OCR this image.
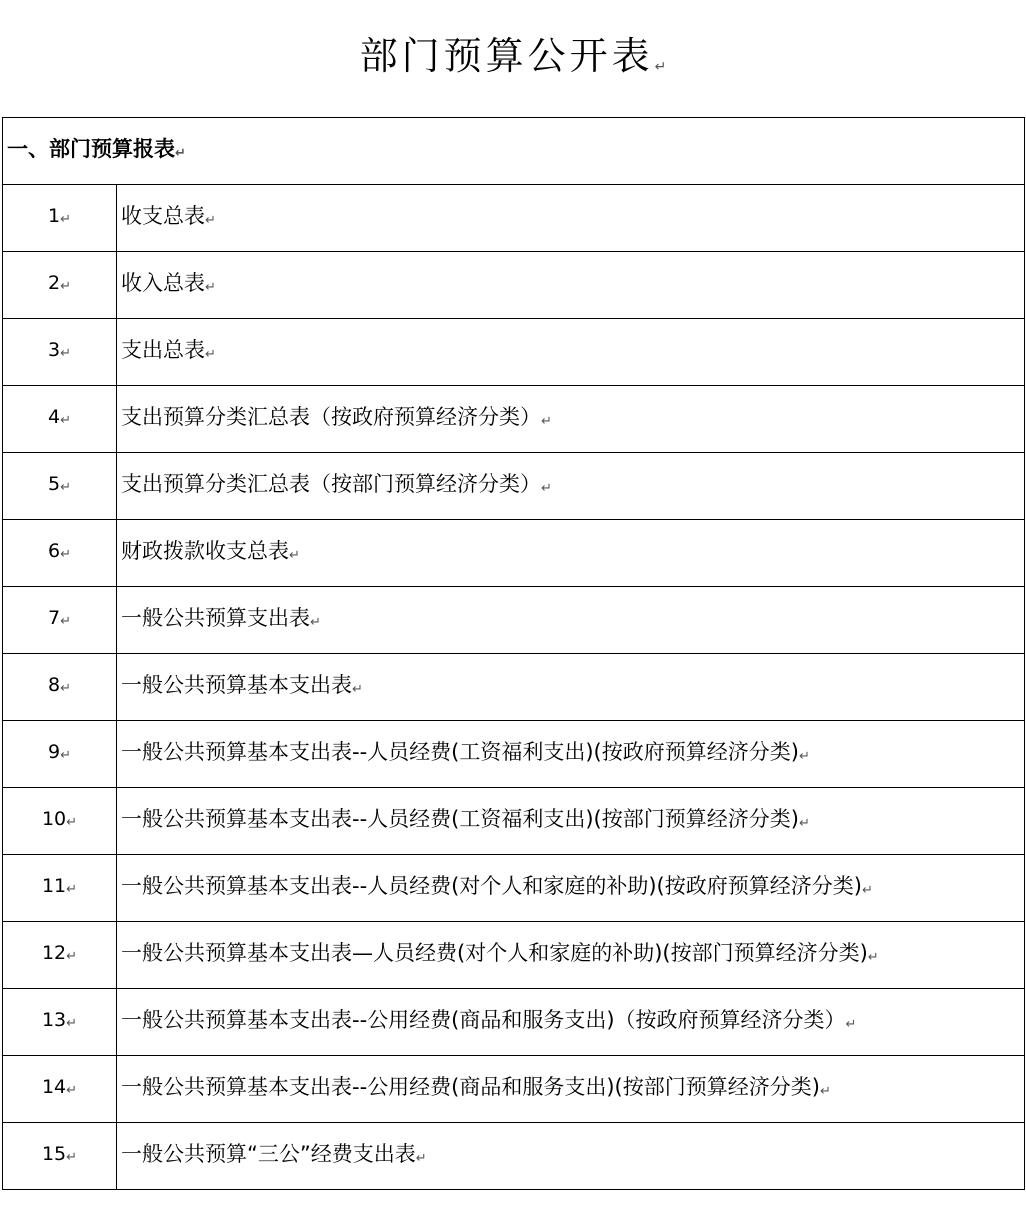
部门预算公开表↵
一、部门预算报表↵	
1↵	收支总表↵
2↵	收入总表↵
3↵	支出总表↵
4↵	支出预算分类汇总表（按政府预算经济分类）↵
5↵	支出预算分类汇总表（按部门预算经济分类）↵
6↵	财政拨款收支总表↵
7↵	一般公共预算支出表↵
8↵	一般公共预算基本支出表↵
9↵	一般公共预算基本支出表--人员经费(工资福利支出)(按政府预算经济分类)↵
10↵	一般公共预算基本支出表--人员经费(工资福利支出)(按部门预算经济分类)↵
11↵	一般公共预算基本支出表--人员经费(对个人和家庭的补助)(按政府预算经济分类)↵
12↵	一般公共预算基本支出表—人员经费(对个人和家庭的补助)(按部门预算经济分类)↵
13↵	一般公共预算基本支出表--公用经费(商品和服务支出)（按政府预算经济分类）↵
14↵	一般公共预算基本支出表--公用经费(商品和服务支出)(按部门预算经济分类)↵
15↵	一般公共预算“三公”经费支出表↵
